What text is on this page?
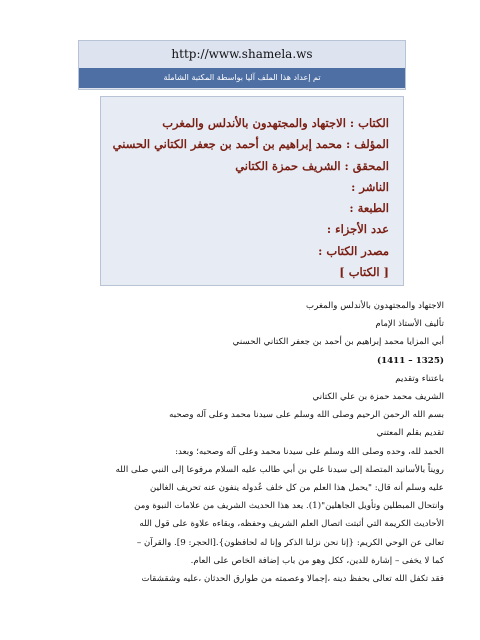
http://www.shamela.ws
تم إعداد هذا الملف آليا بواسطة المكتبة الشاملة
الكتاب : الاجتهاد والمجتهدون بالأندلس والمغرب
المؤلف : محمد إبراهيم بن أحمد بن جعفر الكتاني الحسني
المحقق : الشريف حمزة الكتاني
الناشر :
الطبعة :
عدد الأجزاء :
مصدر الكتاب :
[ الكتاب ]

الاجتهاد والمجتهدون بالأندلس والمغرب

تأليف الأستاذ الإمام

أبي المزايا محمد إبراهيم بن أحمد بن جعفر الكتاني الحسني

(1325 – 1411)

باعتناء وتقديم

الشريف محمد حمزة بن علي الكتاني

بسم الله الرحمن الرحيم وصلى الله وسلم على سيدنا محمد وعلى آله وصحبه

تقديم بقلم المعتني

الحمد لله، وحده وصلى الله وسلم على سيدنا محمد وعلى آله وصحبه؛ وبعد:

رويناً بالأسانيد المتصلة إلى سيدنا علي بن أبي طالب عليه السلام مرفوعا إلى النبي صلى الله

عليه وسلم أنه قال: "يحمل هذا العلم من كل خلف عُدوله ينفون عنه تحريف الغالين

وانتحال المبطلين وتأويل الجاهلين"(1). يعد هذا الحديث الشريف من علامات النبوة ومن

الأحاديث الكريمة التي أثبتت اتصال العلم الشريف وحفظه، وبقاءه علاوة على قول الله

تعالى عن الوحي الكريم: {إنا نحن نزلنا الذكر وإنا له لحافظون}.[الحجر: 9]. والقرآن –

كما لا يخفى – إشارة للدين، ككل وهو من باب إضافة الخاص على العام.

فقد تكفل الله تعالى بحفظ دينه ،إجمالا وعصمته من طوارق الحدثان ،عليه وشقشقات
